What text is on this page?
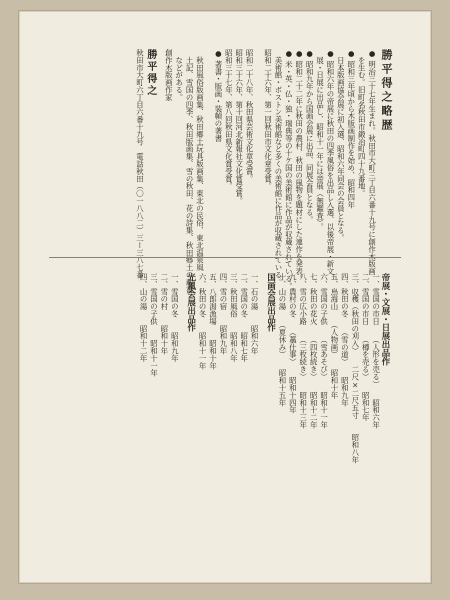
勝平得之略歴
● 明治三十七年生まれ。秋田市大町三丁目六番十九号に創作木版画
　を生む。旧町名秋田市鍛冶町四十九番地。
● 昭和三年頃から木版画制作を始め、昭和四年
　日本版画協会展に初入選、昭和六年同会の会員となる。
● 昭和六年の帝展に秋田の四季風俗を出品し入選、以後帝展・新文
　展・日展に出品し、昭和十一年には帝展（無鑑査）。
● 昭和九年から国画会展に出品、同展会員となる。
● 昭和二十二年に秋田の農村、秋田の風物を題材にした連作を発表。
● 米・英・仏・独・瑞典等の十ケ国の美術館に作品が収蔵されている。
　美術館・ボストン美術館など多くの美術館に作品が収蔵されている。
昭和二十六年、第一回秋田市文化章受賞。
昭和二十八年、秋田県芸術文化章受賞。
昭和三十六年、第十回河北新報社文化賞受賞。
昭和三十七年、第八回秋田県文化賞受賞。
● 著書・版画・装幀の著書
　秋田風俗版画集、秋田郷土玩具版画集、東北の民俗、東北温泉風
　土記、雪国の四季、秋田版画集、雪の秋田、花の詩集、秋田郷土の蔵書
　などがある。
創作木版画作家
勝平得之
秋田市大町六丁目六番十九号　電話秋田（〇一八八二）三ー三八七番
帝展・文展・日展出品作
一、雪国の市日　　（人形を売る）　　昭和六年
二、雪国の市日　　（樽を売る）　　昭和七年
三、収穫（秋田の刈入）　　二尺×二尺五寸　　昭和八年
四、秋田の冬　　（雪の道）　　昭和九年
五、鳥海山　　（人物画）　　昭和十年
六、雪国の子供　　（雪あそび）　　昭和十一年
七、秋田の花火　　（四枚続き）　　昭和十二年
八、雪の広小路　　（三枚続き）　　昭和十三年
九、農村の冬　　（藁仕事）　　昭和十四年
十、山の湯　　（夏休み）　　昭和十五年
国画会展出品作
一、石の湯　　昭和六年
二、雪国の冬　　昭和七年
三、秋田風俗　　昭和八年
四、雪の宿　　昭和九年
五、八郎潟漁場　　昭和十年
六、秋田の冬　　昭和十一年
光風会展出品作
一、雪国の冬　　昭和九年
二、雪の村　　昭和十年
三、雪国の子供　　昭和十一年
四、山の湯　　昭和十二年
